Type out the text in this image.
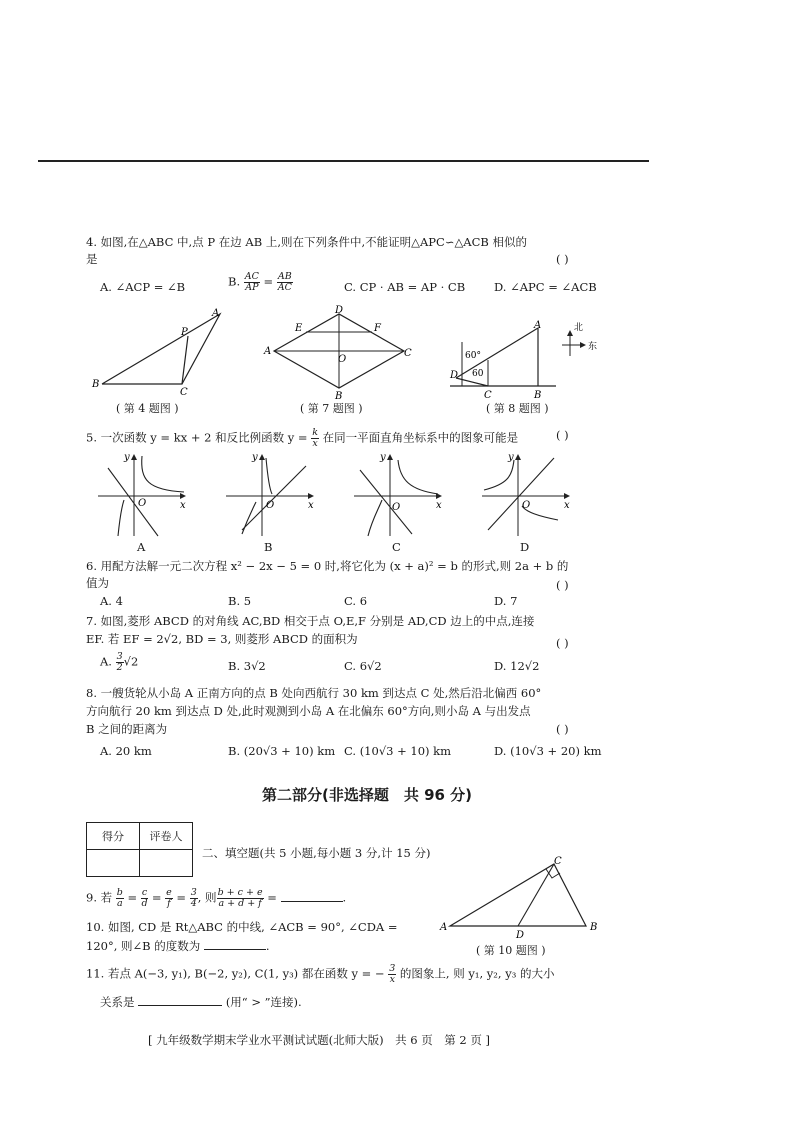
4. 如图,在△ABC 中,点 P 在边 AB 上,则在下列条件中,不能证明△APC∽△ACB 相似的
是	( )
A. ∠ACP = ∠B	B. $\frac{AC}{AP} = \frac{AB}{AC}$	C. CP · AB = AP · CB	D. ∠APC = ∠ACB
A
P
B
C
( 第 4 题图 )
D
E	F
A
O
C
B
( 第 7 题图 )
A
60°
D 60
C	B
北
东
( 第 8 题图 )
5. 一次函数 y = kx + 2 和反比例函数 $y = \frac{k}{x}$ 在同一平面直角坐标系中的图象可能是	( )
y
x
O
A
y
x
O
B
y
x
O
C
y
x
O
D
6. 用配方法解一元二次方程 x² − 2x − 5 = 0 时,将它化为 (x + a)² = b 的形式,则 2a + b 的
值为	( )
A. 4	B. 5	C. 6	D. 7
7. 如图,菱形 ABCD 的对角线 AC,BD 相交于点 O,E,F 分别是 AD,CD 边上的中点,连接
EF. 若 EF = 2√2, BD = 3, 则菱形 ABCD 的面积为	( )
A. $\frac{3}{2} √2$	B. 3√2	C. 6√2	D. 12√2
8. 一艘货轮从小岛 A 正南方向的点 B 处向西航行 30 km 到达点 C 处,然后沿北偏西 60°
方向航行 20 km 到达点 D 处,此时观测到小岛 A 在北偏东 60°方向,则小岛 A 与出发点
B 之间的距离为	( )
A. 20 km	B. (20√3 + 10) km C. (10√3 + 10) km	D. (10√3 + 20) km
第二部分(非选择题　共 96 分)
得分	评卷人

二、填空题(共 5 小题,每小题 3 分,计 15 分)
9. 若 $\frac{b}{a} = \frac{c}{d} = \frac{e}{f} = \frac{3}{4}$ , 则 $\frac{b + c + e}{a + d + f}$ =	.
10. 如图, CD 是 Rt△ABC 的中线, ∠ACB = 90°, ∠CDA =
120°, 则∠B 的度数为	.
C
A
D
B
( 第 10 题图 )
11. 若点 A(−3, y₁), B(−2, y₂), C(1, y₃) 都在函数 y = − $\frac{3}{x}$ 的图象上, 则 y₁, y₂, y₃ 的大小
关系是	(用“ > ”连接).
[ 九年级数学期末学业水平测试试题(北师大版)　共 6 页　第 2 页 ]
